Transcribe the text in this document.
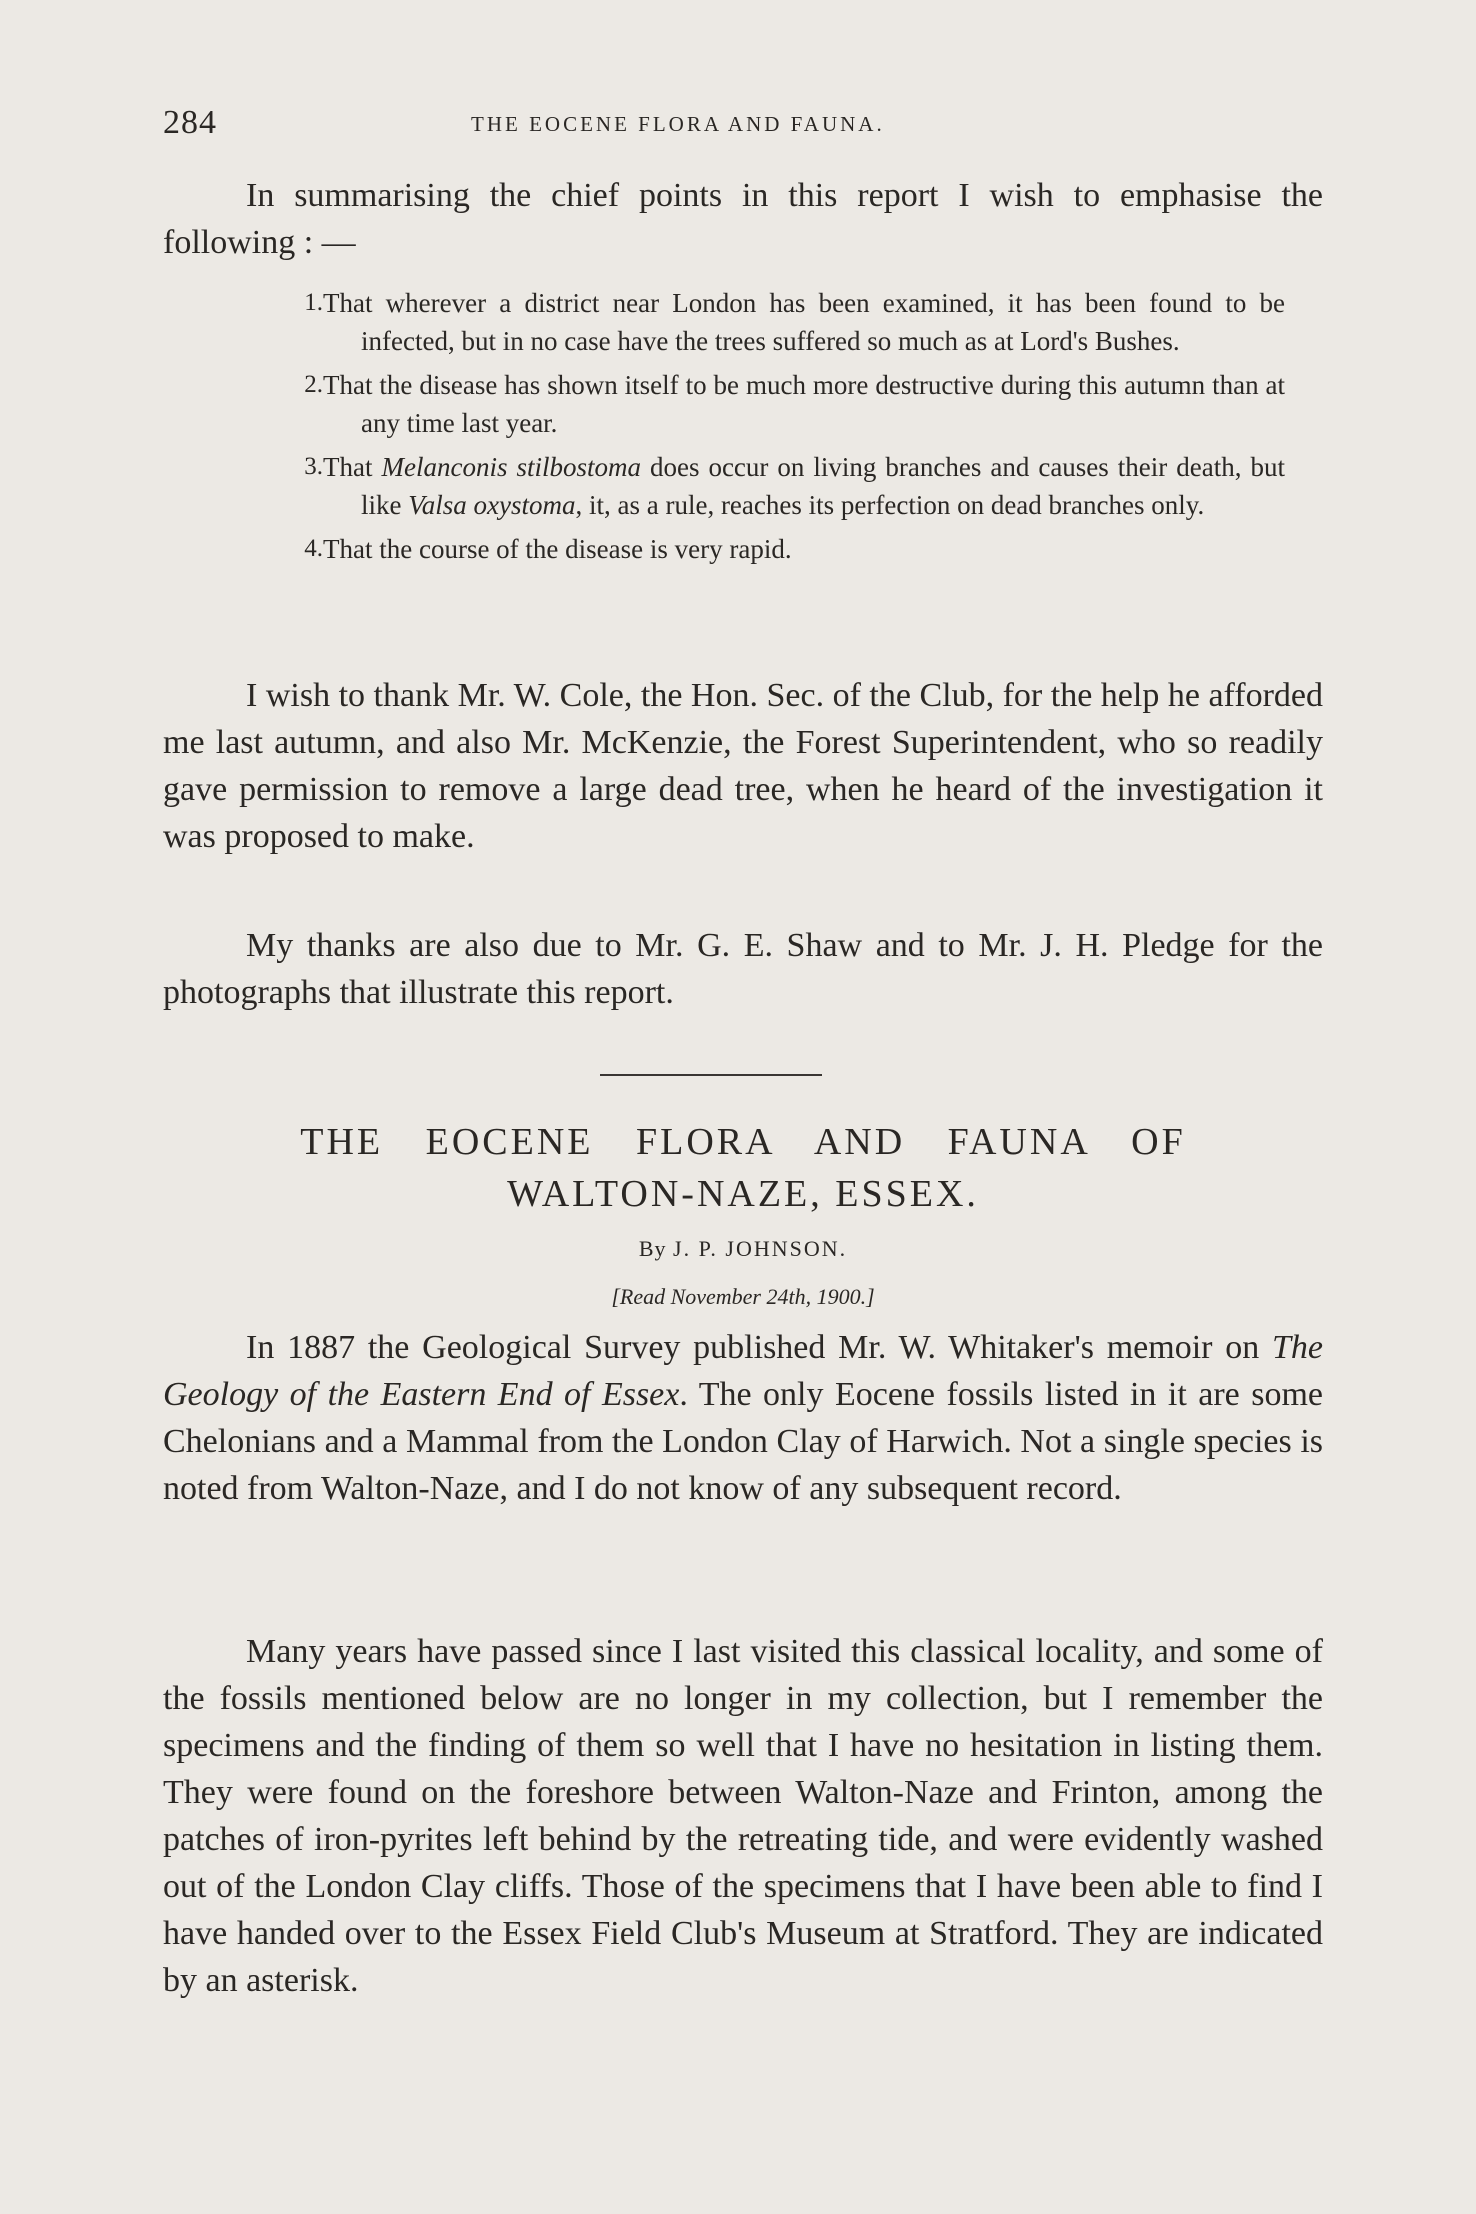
284	THE EOCENE FLORA AND FAUNA.

In summarising the chief points in this report I wish to emphasise the following : —

1. That wherever a district near London has been examined, it has been found to be infected, but in no case have the trees suffered so much as at Lord's Bushes.
2. That the disease has shown itself to be much more destructive during this autumn than at any time last year.
3. That Melanconis stilbostoma does occur on living branches and causes their death, but like Valsa oxystoma, it, as a rule, reaches its perfection on dead branches only.
4. That the course of the disease is very rapid.

I wish to thank Mr. W. Cole, the Hon. Sec. of the Club, for the help he afforded me last autumn, and also Mr. McKenzie, the Forest Superintendent, who so readily gave permission to remove a large dead tree, when he heard of the investigation it was proposed to make.

My thanks are also due to Mr. G. E. Shaw and to Mr. J. H. Pledge for the photographs that illustrate this report.

THE EOCENE FLORA AND FAUNA OF
WALTON-NAZE, ESSEX.
By J. P. JOHNSON.
[Read November 24th, 1900.]

In 1887 the Geological Survey published Mr. W. Whitaker's memoir on The Geology of the Eastern End of Essex. The only Eocene fossils listed in it are some Chelonians and a Mammal from the London Clay of Harwich. Not a single species is noted from Walton-Naze, and I do not know of any subsequent record.

Many years have passed since I last visited this classical locality, and some of the fossils mentioned below are no longer in my collection, but I remember the specimens and the finding of them so well that I have no hesitation in listing them. They were found on the foreshore between Walton-Naze and Frinton, among the patches of iron-pyrites left behind by the retreating tide, and were evidently washed out of the London Clay cliffs. Those of the specimens that I have been able to find I have handed over to the Essex Field Club's Museum at Stratford. They are indicated by an asterisk.
